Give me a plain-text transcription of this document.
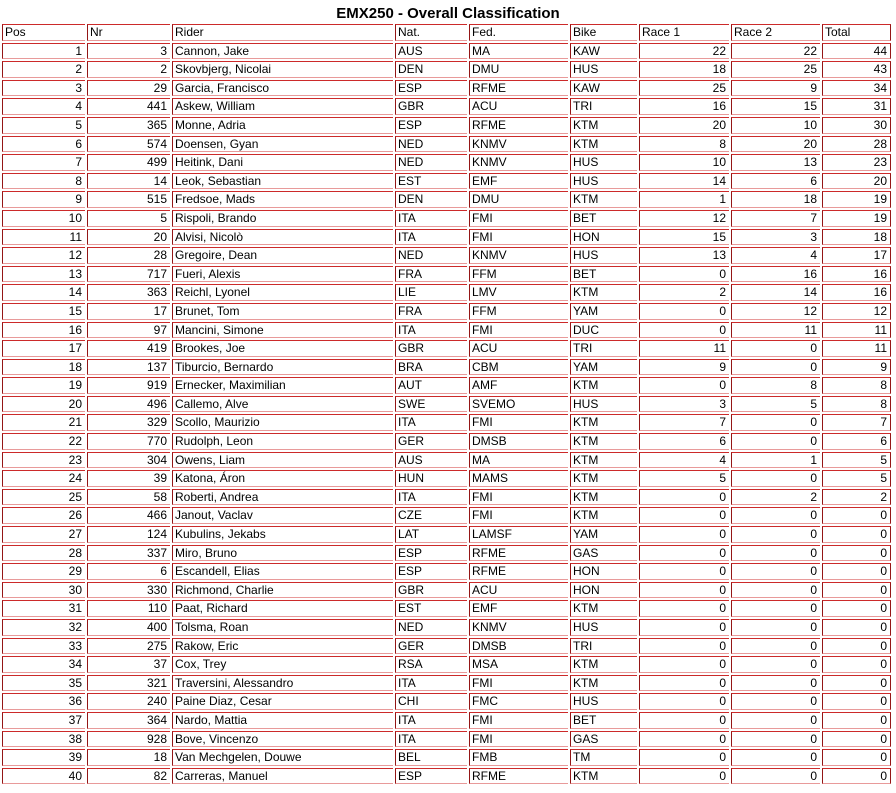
EMX250 - Overall Classification
Pos	Nr	Rider	Nat.	Fed.	Bike	Race 1	Race 2	Total
1	3	Cannon, Jake	AUS	MA	KAW	22	22	44
2	2	Skovbjerg, Nicolai	DEN	DMU	HUS	18	25	43
3	29	Garcia, Francisco	ESP	RFME	KAW	25	9	34
4	441	Askew, William	GBR	ACU	TRI	16	15	31
5	365	Monne, Adria	ESP	RFME	KTM	20	10	30
6	574	Doensen, Gyan	NED	KNMV	KTM	8	20	28
7	499	Heitink, Dani	NED	KNMV	HUS	10	13	23
8	14	Leok, Sebastian	EST	EMF	HUS	14	6	20
9	515	Fredsoe, Mads	DEN	DMU	KTM	1	18	19
10	5	Rispoli, Brando	ITA	FMI	BET	12	7	19
11	20	Alvisi, Nicolò	ITA	FMI	HON	15	3	18
12	28	Gregoire, Dean	NED	KNMV	HUS	13	4	17
13	717	Fueri, Alexis	FRA	FFM	BET	0	16	16
14	363	Reichl, Lyonel	LIE	LMV	KTM	2	14	16
15	17	Brunet, Tom	FRA	FFM	YAM	0	12	12
16	97	Mancini, Simone	ITA	FMI	DUC	0	11	11
17	419	Brookes, Joe	GBR	ACU	TRI	11	0	11
18	137	Tiburcio, Bernardo	BRA	CBM	YAM	9	0	9
19	919	Ernecker, Maximilian	AUT	AMF	KTM	0	8	8
20	496	Callemo, Alve	SWE	SVEMO	HUS	3	5	8
21	329	Scollo, Maurizio	ITA	FMI	KTM	7	0	7
22	770	Rudolph, Leon	GER	DMSB	KTM	6	0	6
23	304	Owens, Liam	AUS	MA	KTM	4	1	5
24	39	Katona, Áron	HUN	MAMS	KTM	5	0	5
25	58	Roberti, Andrea	ITA	FMI	KTM	0	2	2
26	466	Janout, Vaclav	CZE	FMI	KTM	0	0	0
27	124	Kubulins, Jekabs	LAT	LAMSF	YAM	0	0	0
28	337	Miro, Bruno	ESP	RFME	GAS	0	0	0
29	6	Escandell, Elias	ESP	RFME	HON	0	0	0
30	330	Richmond, Charlie	GBR	ACU	HON	0	0	0
31	110	Paat, Richard	EST	EMF	KTM	0	0	0
32	400	Tolsma, Roan	NED	KNMV	HUS	0	0	0
33	275	Rakow, Eric	GER	DMSB	TRI	0	0	0
34	37	Cox, Trey	RSA	MSA	KTM	0	0	0
35	321	Traversini, Alessandro	ITA	FMI	KTM	0	0	0
36	240	Paine Diaz, Cesar	CHI	FMC	HUS	0	0	0
37	364	Nardo, Mattia	ITA	FMI	BET	0	0	0
38	928	Bove, Vincenzo	ITA	FMI	GAS	0	0	0
39	18	Van Mechgelen, Douwe	BEL	FMB	TM	0	0	0
40	82	Carreras, Manuel	ESP	RFME	KTM	0	0	0
